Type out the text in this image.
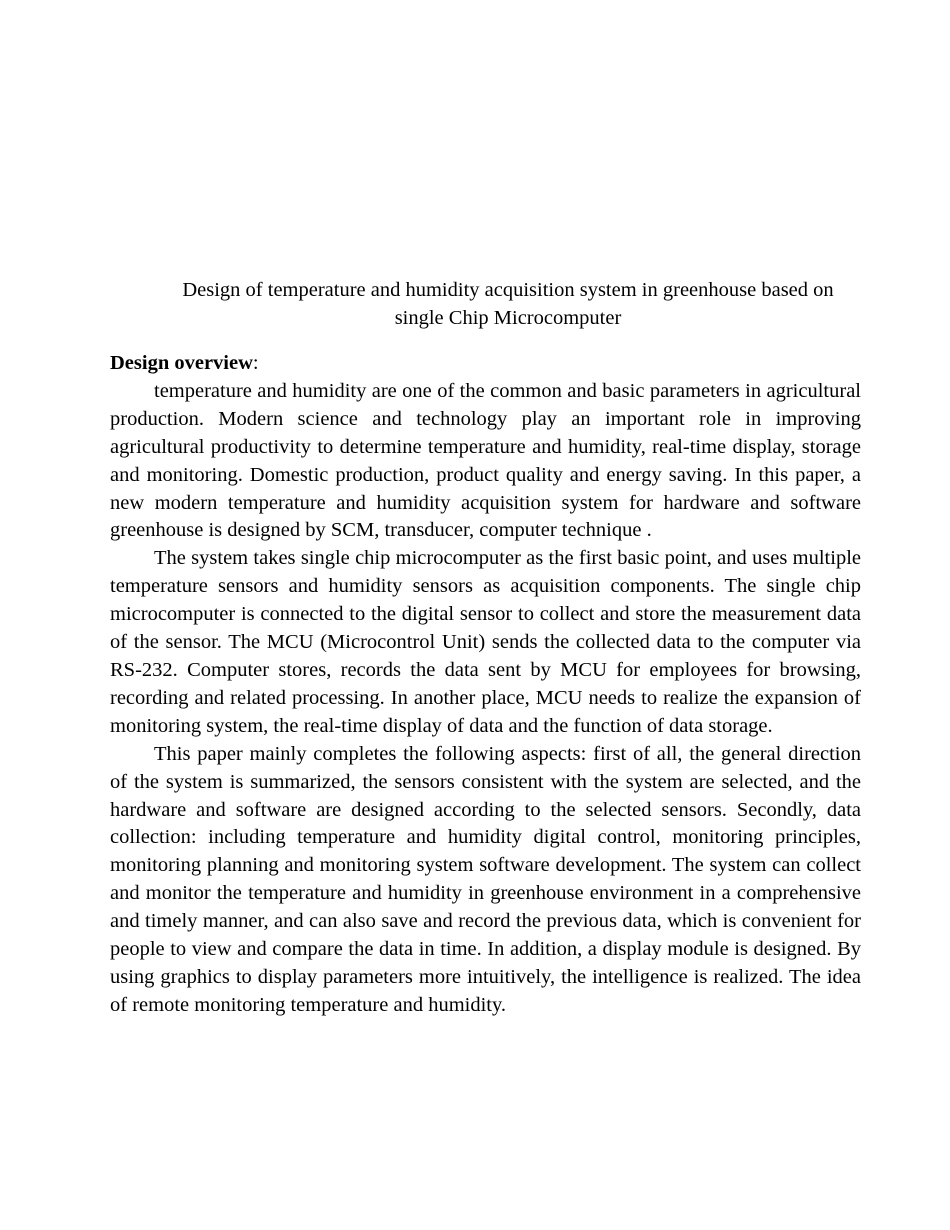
Design of temperature and humidity acquisition system in greenhouse based on
single Chip Microcomputer

Design overview:

temperature and humidity are one of the common and basic parameters in agricultural production. Modern science and technology play an important role in improving agricultural productivity to determine temperature and humidity, real-time display, storage and monitoring. Domestic production, product quality and energy saving. In this paper, a new modern temperature and humidity acquisition system for hardware and software greenhouse is designed by SCM, transducer, computer technique .

The system takes single chip microcomputer as the first basic point, and uses multiple temperature sensors and humidity sensors as acquisition components. The single chip microcomputer is connected to the digital sensor to collect and store the measurement data of the sensor. The MCU (Microcontrol Unit) sends the collected data to the computer via RS-232. Computer stores, records the data sent by MCU for employees for browsing, recording and related processing. In another place, MCU needs to realize the expansion of monitoring system, the real-time display of data and the function of data storage.

This paper mainly completes the following aspects: first of all, the general direction of the system is summarized, the sensors consistent with the system are selected, and the hardware and software are designed according to the selected sensors. Secondly, data collection: including temperature and humidity digital control, monitoring principles, monitoring planning and monitoring system software development. The system can collect and monitor the temperature and humidity in greenhouse environment in a comprehensive and timely manner, and can also save and record the previous data, which is convenient for people to view and compare the data in time. In addition, a display module is designed. By using graphics to display parameters more intuitively, the intelligence is realized. The idea of remote monitoring temperature and humidity.
